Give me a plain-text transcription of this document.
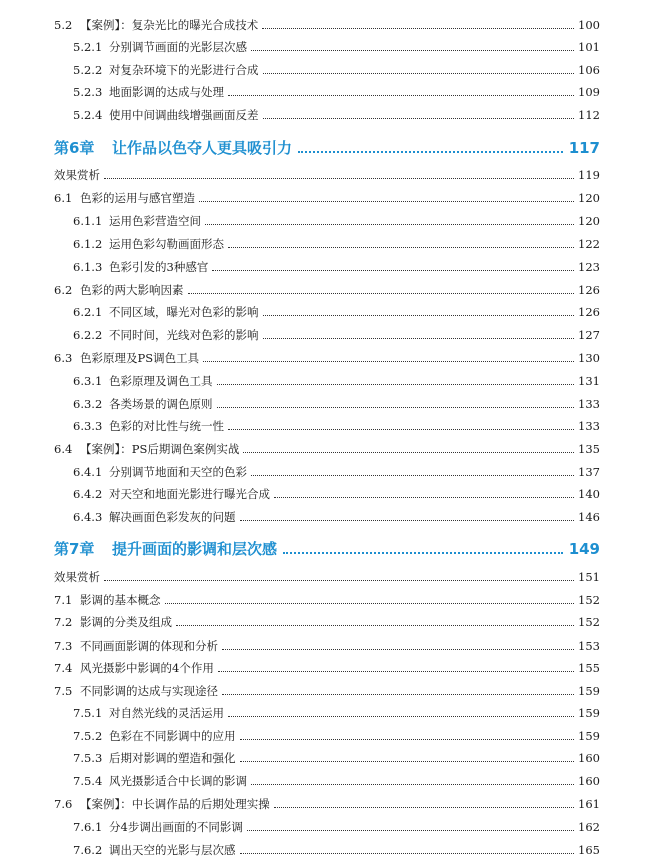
5.2 【案例】：复杂光比的曝光合成技术	100
5.2.1 分别调节画面的光影层次感	101
5.2.2 对复杂环境下的光影进行合成	106
5.2.3 地面影调的达成与处理	109
5.2.4 使用中间调曲线增强画面反差	112
第6章	让作品以色夺人更具吸引力	117
效果赏析	119
6.1 色彩的运用与感官塑造	120
6.1.1 运用色彩营造空间	120
6.1.2 运用色彩勾勒画面形态	122
6.1.3 色彩引发的3种感官	123
6.2 色彩的两大影响因素	126
6.2.1 不同区域，曝光对色彩的影响	126
6.2.2 不同时间，光线对色彩的影响	127
6.3 色彩原理及PS调色工具	130
6.3.1 色彩原理及调色工具	131
6.3.2 各类场景的调色原则	133
6.3.3 色彩的对比性与统一性	133
6.4 【案例】：PS后期调色案例实战	135
6.4.1 分别调节地面和天空的色彩	137
6.4.2 对天空和地面光影进行曝光合成	140
6.4.3 解决画面色彩发灰的问题	146
第7章	提升画面的影调和层次感	149
效果赏析	151
7.1 影调的基本概念	152
7.2 影调的分类及组成	152
7.3 不同画面影调的体现和分析	153
7.4 风光摄影中影调的4个作用	155
7.5 不同影调的达成与实现途径	159
7.5.1 对自然光线的灵活运用	159
7.5.2 色彩在不同影调中的应用	159
7.5.3 后期对影调的塑造和强化	160
7.5.4 风光摄影适合中长调的影调	160
7.6 【案例】：中长调作品的后期处理实操	161
7.6.1 分4步调出画面的不同影调	162
7.6.2 调出天空的光影与层次感	165
